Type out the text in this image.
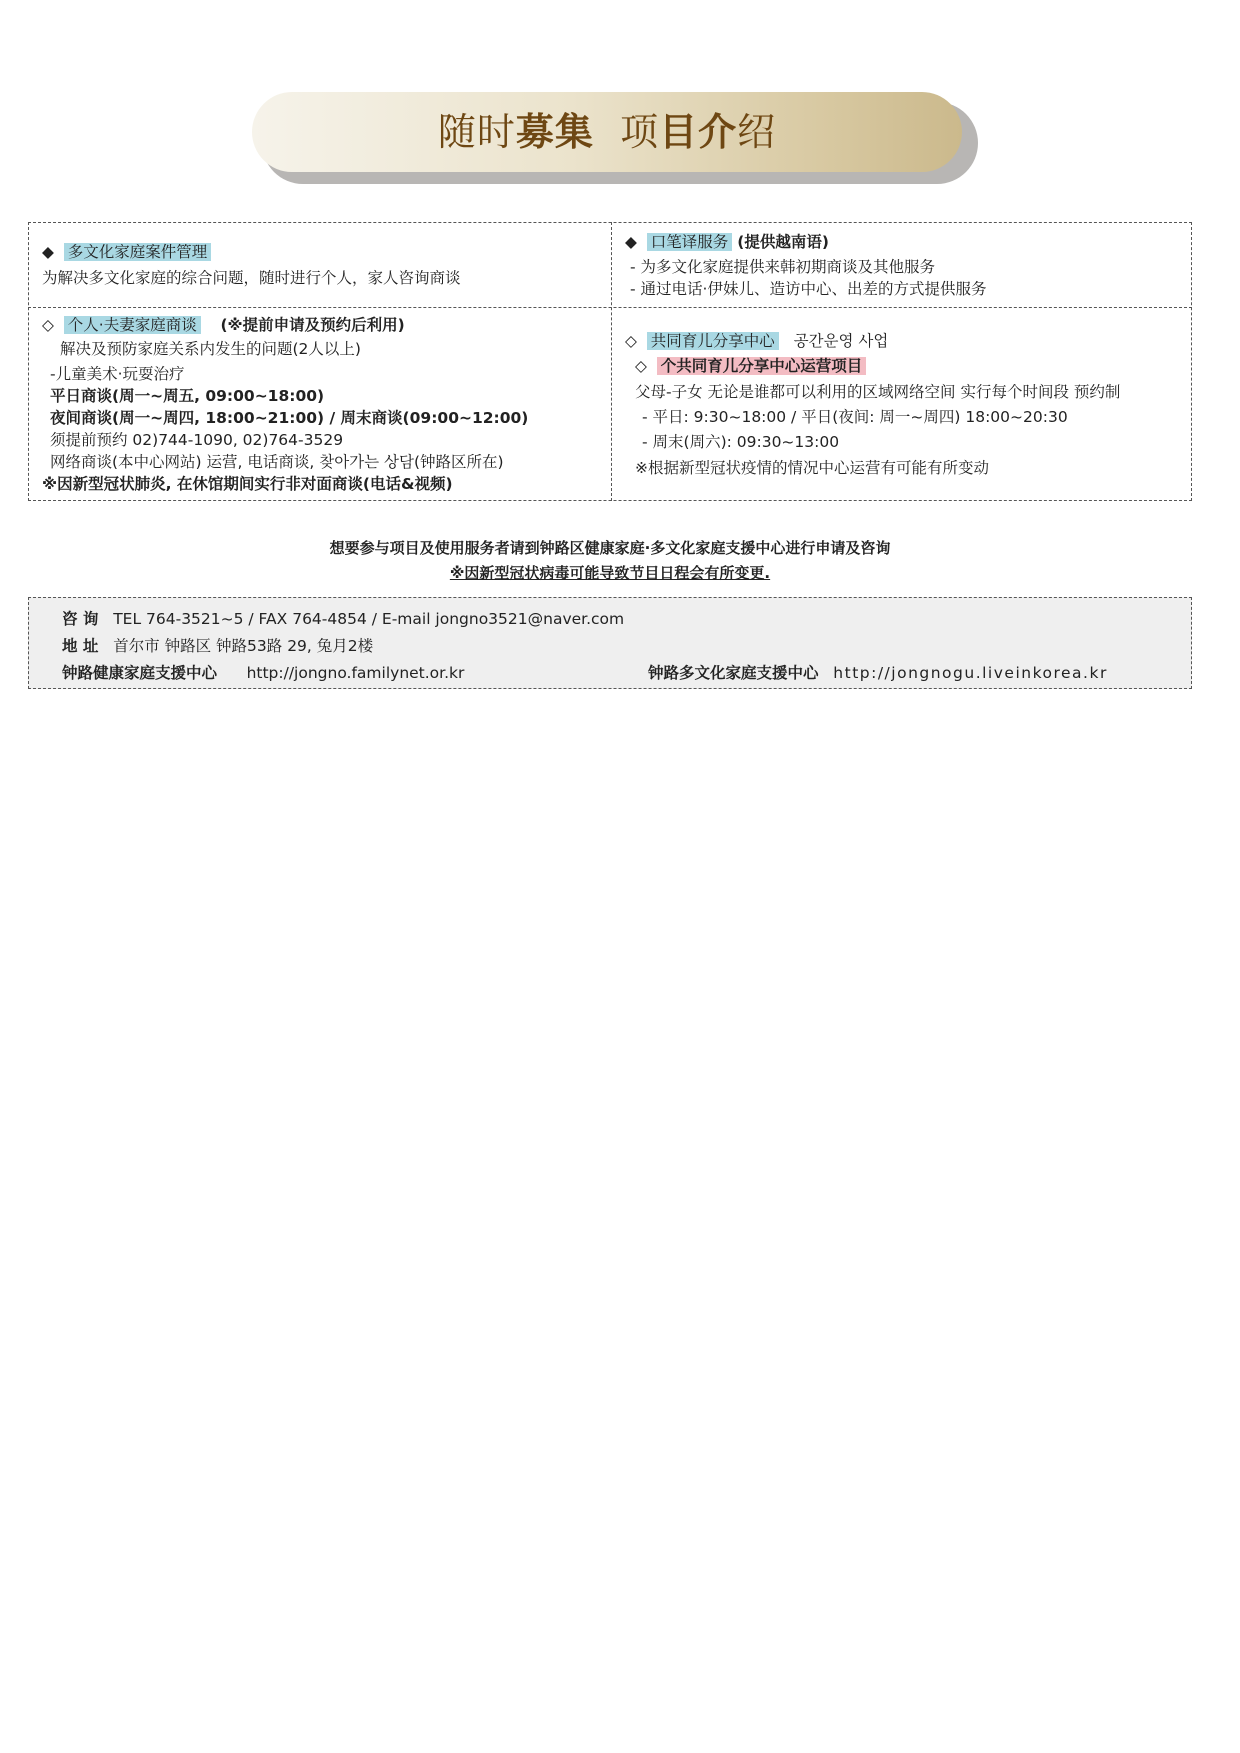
随时募集 项目介绍
◆ 多文化家庭案件管理
为解决多文化家庭的综合问题，随时进行个人，家人咨询商谈
◆ 口笔译服务 (提供越南语)
- 为多文化家庭提供来韩初期商谈及其他服务
- 通过电话·伊妹儿、造访中心、出差的方式提供服务
◇ 个人·夫妻家庭商谈 (※提前申请及预约后利用)
解决及预防家庭关系内发生的问题(2人以上)
-儿童美术·玩耍治疗
平日商谈(周一~周五, 09:00~18:00)
夜间商谈(周一~周四, 18:00~21:00) / 周末商谈(09:00~12:00)
须提前预约 02)744-1090, 02)764-3529
网络商谈(本中心网站) 运营, 电话商谈, 찾아가는 상담(钟路区所在)
※因新型冠状肺炎, 在休馆期间实行非对面商谈(电话&视频)
◇ 共同育儿分享中心 공간운영 사업
◇ 个共同育儿分享中心运营项目
父母-子女 无论是谁都可以利用的区域网络空间 实行每个时间段 预约制
- 平日: 9:30~18:00 / 平日(夜间: 周一~周四) 18:00~20:30
- 周末(周六): 09:30~13:00
※根据新型冠状疫情的情况中心运营有可能有所变动
想要参与项目及使用服务者请到钟路区健康家庭·多文化家庭支援中心进行申请及咨询
※因新型冠状病毒可能导致节目日程会有所变更.
咨 询 TEL 764-3521~5 / FAX 764-4854 / E-mail jongno3521@naver.com
地 址 首尔市 钟路区 钟路53路 29, 兔月2楼
钟路健康家庭支援中心 http://jongno.familynet.or.kr	钟路多文化家庭支援中心 http://jongnogu.liveinkorea.kr
